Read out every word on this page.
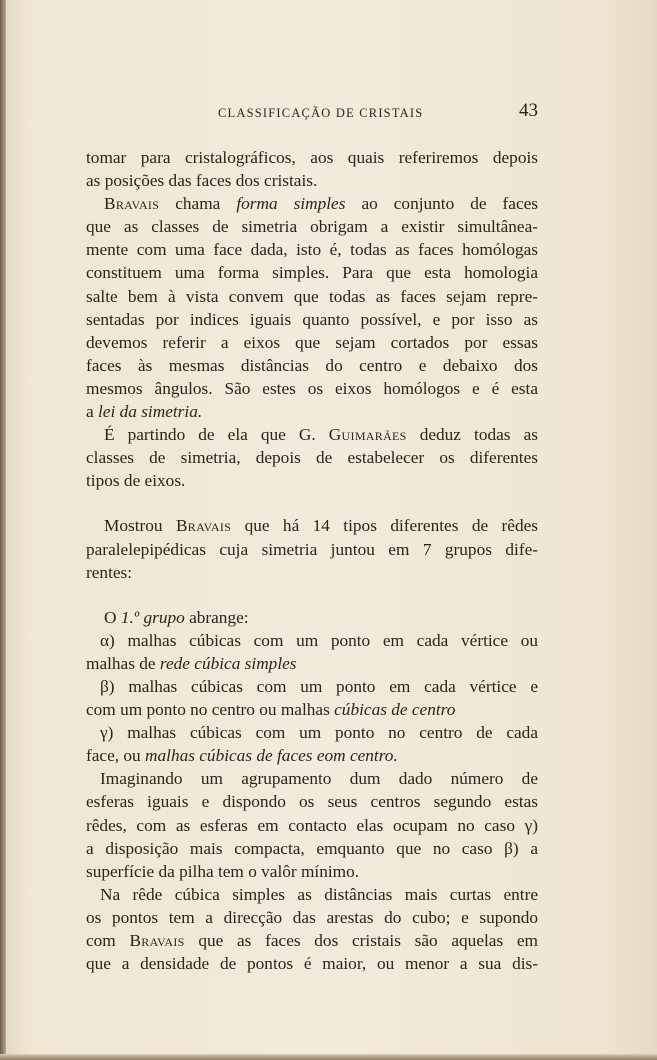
CLASSIFICAÇÃO DE CRISTAIS	43
tomar para cristalográficos, aos quais referiremos depois
as posições das faces dos cristais.
Bravais chama forma simples ao conjunto de faces
que as classes de simetria obrigam a existir simultânea-
mente com uma face dada, isto é, todas as faces homólogas
constituem uma forma simples. Para que esta homologia
salte bem à vista convem que todas as faces sejam repre-
sentadas por indices iguais quanto possível, e por isso as
devemos referir a eixos que sejam cortados por essas
faces às mesmas distâncias do centro e debaixo dos
mesmos ângulos. São estes os eixos homólogos e é esta
a lei da simetria.
É partindo de ela que G. Guimarães deduz todas as
classes de simetria, depois de estabelecer os diferentes
tipos de eixos.
Mostrou Bravais que há 14 tipos diferentes de rêdes
paralelepipédicas cuja simetria juntou em 7 grupos dife-
rentes:
O 1.º grupo abrange:
α) malhas cúbicas com um ponto em cada vértice ou
malhas de rede cúbica simples
β) malhas cúbicas com um ponto em cada vértice e
com um ponto no centro ou malhas cúbicas de centro
γ) malhas cúbicas com um ponto no centro de cada
face, ou malhas cúbicas de faces eom centro.
Imaginando um agrupamento dum dado número de
esferas iguais e dispondo os seus centros segundo estas
rêdes, com as esferas em contacto elas ocupam no caso γ)
a disposição mais compacta, emquanto que no caso β) a
superfície da pilha tem o valôr mínimo.
Na rêde cúbica simples as distâncias mais curtas entre
os pontos tem a direcção das arestas do cubo; e supondo
com Bravais que as faces dos cristais são aquelas em
que a densidade de pontos é maior, ou menor a sua dis-
